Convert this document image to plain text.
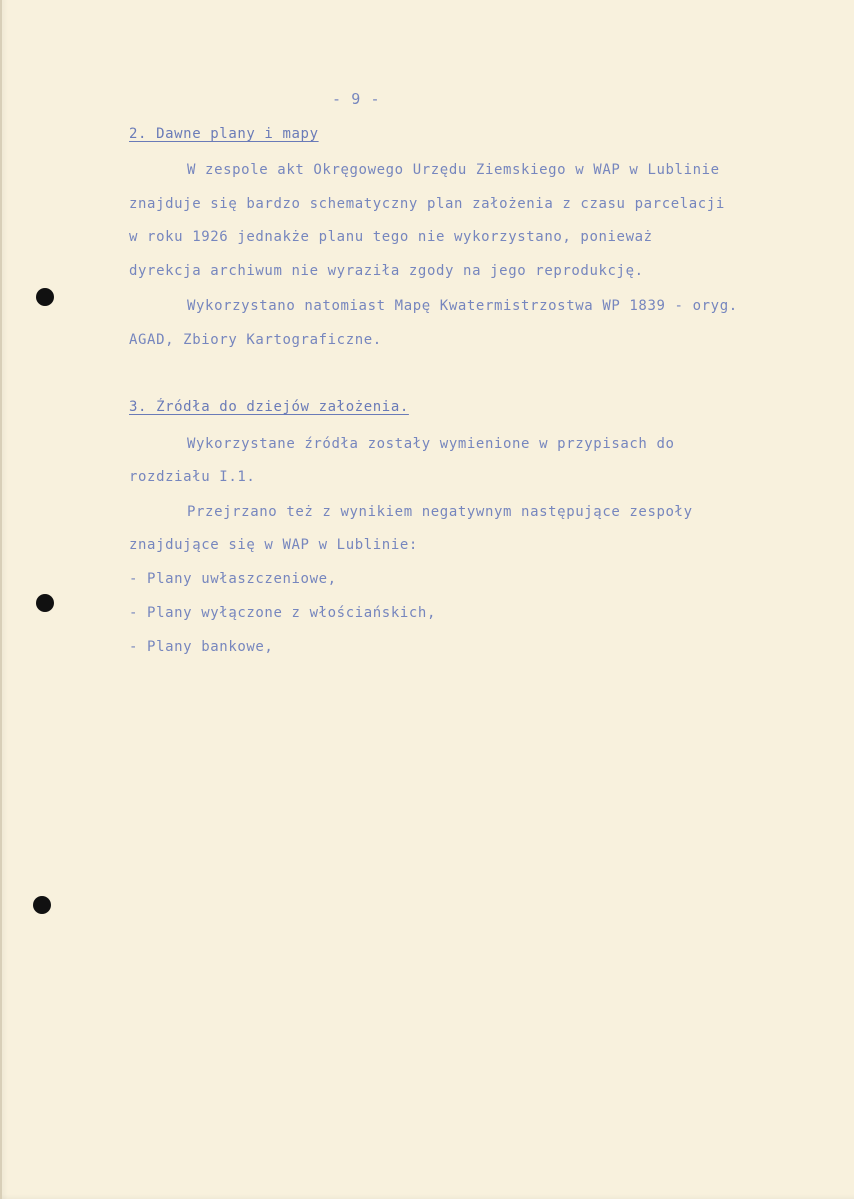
- 9 -
2. Dawne plany i mapy
W zespole akt Okręgowego Urzędu Ziemskiego w WAP w Lublinie
znajduje się bardzo schematyczny plan założenia z czasu parcelacji
w roku 1926 jednakże planu tego nie wykorzystano, ponieważ
dyrekcja archiwum nie wyraziła zgody na jego reprodukcję.
Wykorzystano natomiast Mapę Kwatermistrzostwa WP 1839 - oryg.
AGAD, Zbiory Kartograficzne.
3. Źródła do dziejów założenia.
Wykorzystane źródła zostały wymienione w przypisach do
rozdziału I.1.
Przejrzano też z wynikiem negatywnym następujące zespoły
znajdujące się w WAP w Lublinie:
- Plany uwłaszczeniowe,
- Plany wyłączone z włościańskich,
- Plany bankowe,
